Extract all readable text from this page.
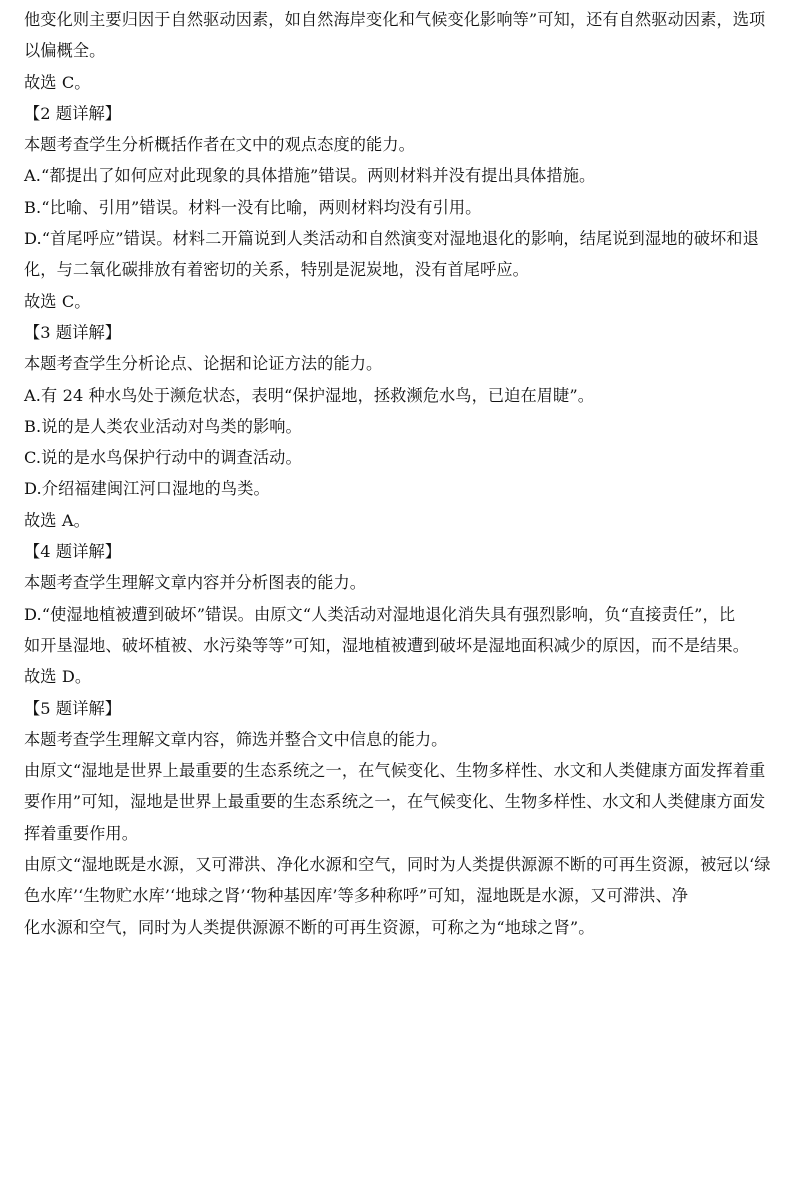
他变化则主要归因于自然驱动因素，如自然海岸变化和气候变化影响等”可知，还有自然驱动因素，选项
以偏概全。
故选 C。
【2 题详解】
本题考查学生分析概括作者在文中的观点态度的能力。
A.“都提出了如何应对此现象的具体措施”错误。两则材料并没有提出具体措施。
B.“比喻、引用”错误。材料一没有比喻，两则材料均没有引用。
D.“首尾呼应”错误。材料二开篇说到人类活动和自然演变对湿地退化的影响，结尾说到湿地的破坏和退
化，与二氧化碳排放有着密切的关系，特别是泥炭地，没有首尾呼应。
故选 C。
【3 题详解】
本题考查学生分析论点、论据和论证方法的能力。
A.有 24 种水鸟处于濒危状态，表明“保护湿地，拯救濒危水鸟，已迫在眉睫”。
B.说的是人类农业活动对鸟类的影响。
C.说的是水鸟保护行动中的调查活动。
D.介绍福建闽江河口湿地的鸟类。
故选 A。
【4 题详解】
本题考查学生理解文章内容并分析图表的能力。
D.“使湿地植被遭到破坏”错误。由原文“人类活动对湿地退化消失具有强烈影响，负“直接责任”，比
如开垦湿地、破坏植被、水污染等等”可知，湿地植被遭到破坏是湿地面积减少的原因，而不是结果。
故选 D。
【5 题详解】
本题考查学生理解文章内容，筛选并整合文中信息的能力。
由原文“湿地是世界上最重要的生态系统之一，在气候变化、生物多样性、水文和人类健康方面发挥着重
要作用”可知，湿地是世界上最重要的生态系统之一，在气候变化、生物多样性、水文和人类健康方面发
挥着重要作用。
由原文“湿地既是水源，又可滞洪、净化水源和空气，同时为人类提供源源不断的可再生资源，被冠以‘绿
色水库’‘生物贮水库’‘地球之肾’‘物种基因库’等多种称呼”可知，湿地既是水源，又可滞洪、净
化水源和空气，同时为人类提供源源不断的可再生资源，可称之为“地球之肾”。
